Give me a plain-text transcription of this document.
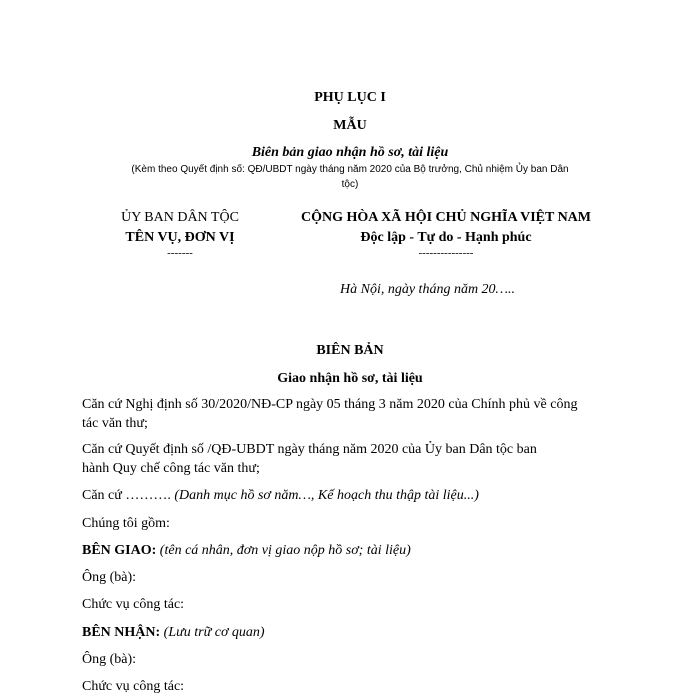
PHỤ LỤC I
MẪU
Biên bản giao nhận hồ sơ, tài liệu
(Kèm theo Quyết định số: QĐ/UBDT ngày tháng năm 2020 của Bộ trưởng, Chủ nhiệm Ủy ban Dân
tộc)
ỦY BAN DÂN TỘC
TÊN VỤ, ĐƠN VỊ
-------
CỘNG HÒA XÃ HỘI CHỦ NGHĨA VIỆT NAM
Độc lập - Tự do - Hạnh phúc
---------------
Hà Nội, ngày tháng năm 20…..
BIÊN BẢN
Giao nhận hồ sơ, tài liệu
Căn cứ Nghị định số 30/2020/NĐ-CP ngày 05 tháng 3 năm 2020 của Chính phủ về công
tác văn thư;
Căn cứ Quyết định số /QĐ-UBDT ngày tháng năm 2020 của Ủy ban Dân tộc ban
hành Quy chế công tác văn thư;
Căn cứ ………. (Danh mục hồ sơ năm…, Kế hoạch thu thập tài liệu...)
Chúng tôi gồm:
BÊN GIAO: (tên cá nhân, đơn vị giao nộp hồ sơ; tài liệu)
Ông (bà):
Chức vụ công tác:
BÊN NHẬN: (Lưu trữ cơ quan)
Ông (bà):
Chức vụ công tác:
